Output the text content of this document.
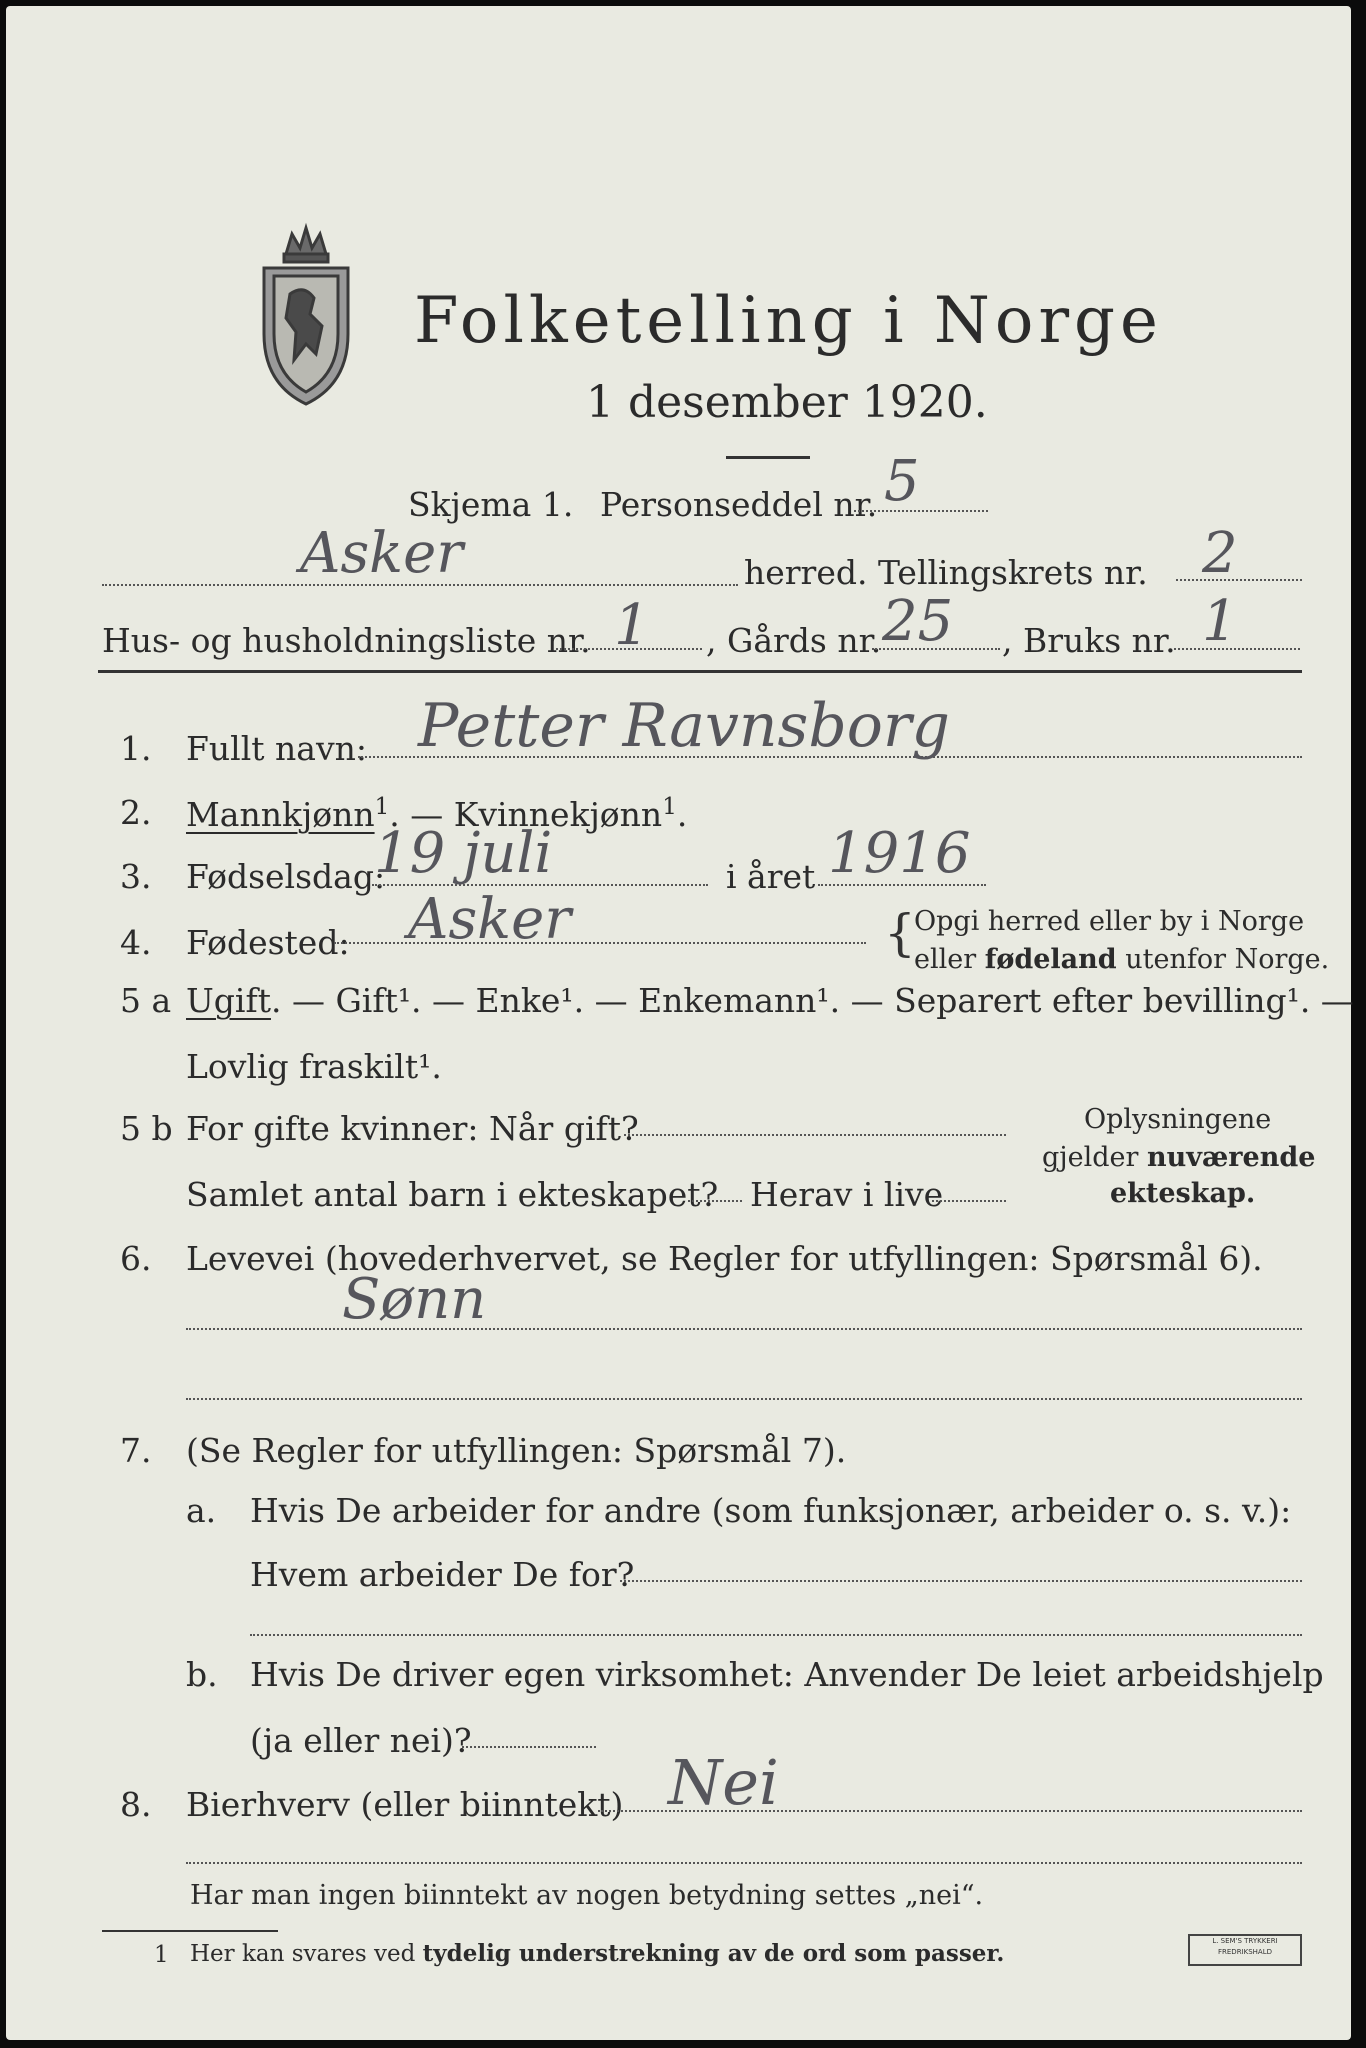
Folketelling i Norge
1 desember 1920.
Skjema 1. Personseddel nr. 5
Asker	herred. Tellingskrets nr. 2
Hus- og husholdningsliste nr. 1 , Gårds nr. 25 , Bruks nr. 1
1. Fullt navn: Petter Ravnsborg
2. Mannkjønn$^1$. — Kvinnekjønn$^1$.
3. Fødselsdag:
19 juli	i året 1916
4. Fødested: Asker	{
Opgi herred eller by i Norge
eller fødeland utenfor Norge.
5 a Ugift. — Gift¹. — Enke¹. — Enkemann¹. — Separert efter bevilling¹. —
Lovlig fraskilt¹.
5 b For gifte kvinner: Når gift?
Samlet antal barn i ekteskapet? Herav i live
Oplysningene
gjelder nuværende
ekteskap.
6. Levevei (hovederhvervet, se Regler for utfyllingen: Spørsmål 6).
Sønn
7. (Se Regler for utfyllingen: Spørsmål 7).
a. Hvis De arbeider for andre (som funksjonær, arbeider o. s. v.):
Hvem arbeider De for?
b. Hvis De driver egen virksomhet: Anvender De leiet arbeidshjelp
(ja eller nei)?
8. Bierhverv (eller biinntekt) Nei
Har man ingen biinntekt av nogen betydning settes „nei“.
1 Her kan svares ved tydelig understrekning av de ord som passer.	L. SEM'S TRYKKERI
FREDRIKSHALD
